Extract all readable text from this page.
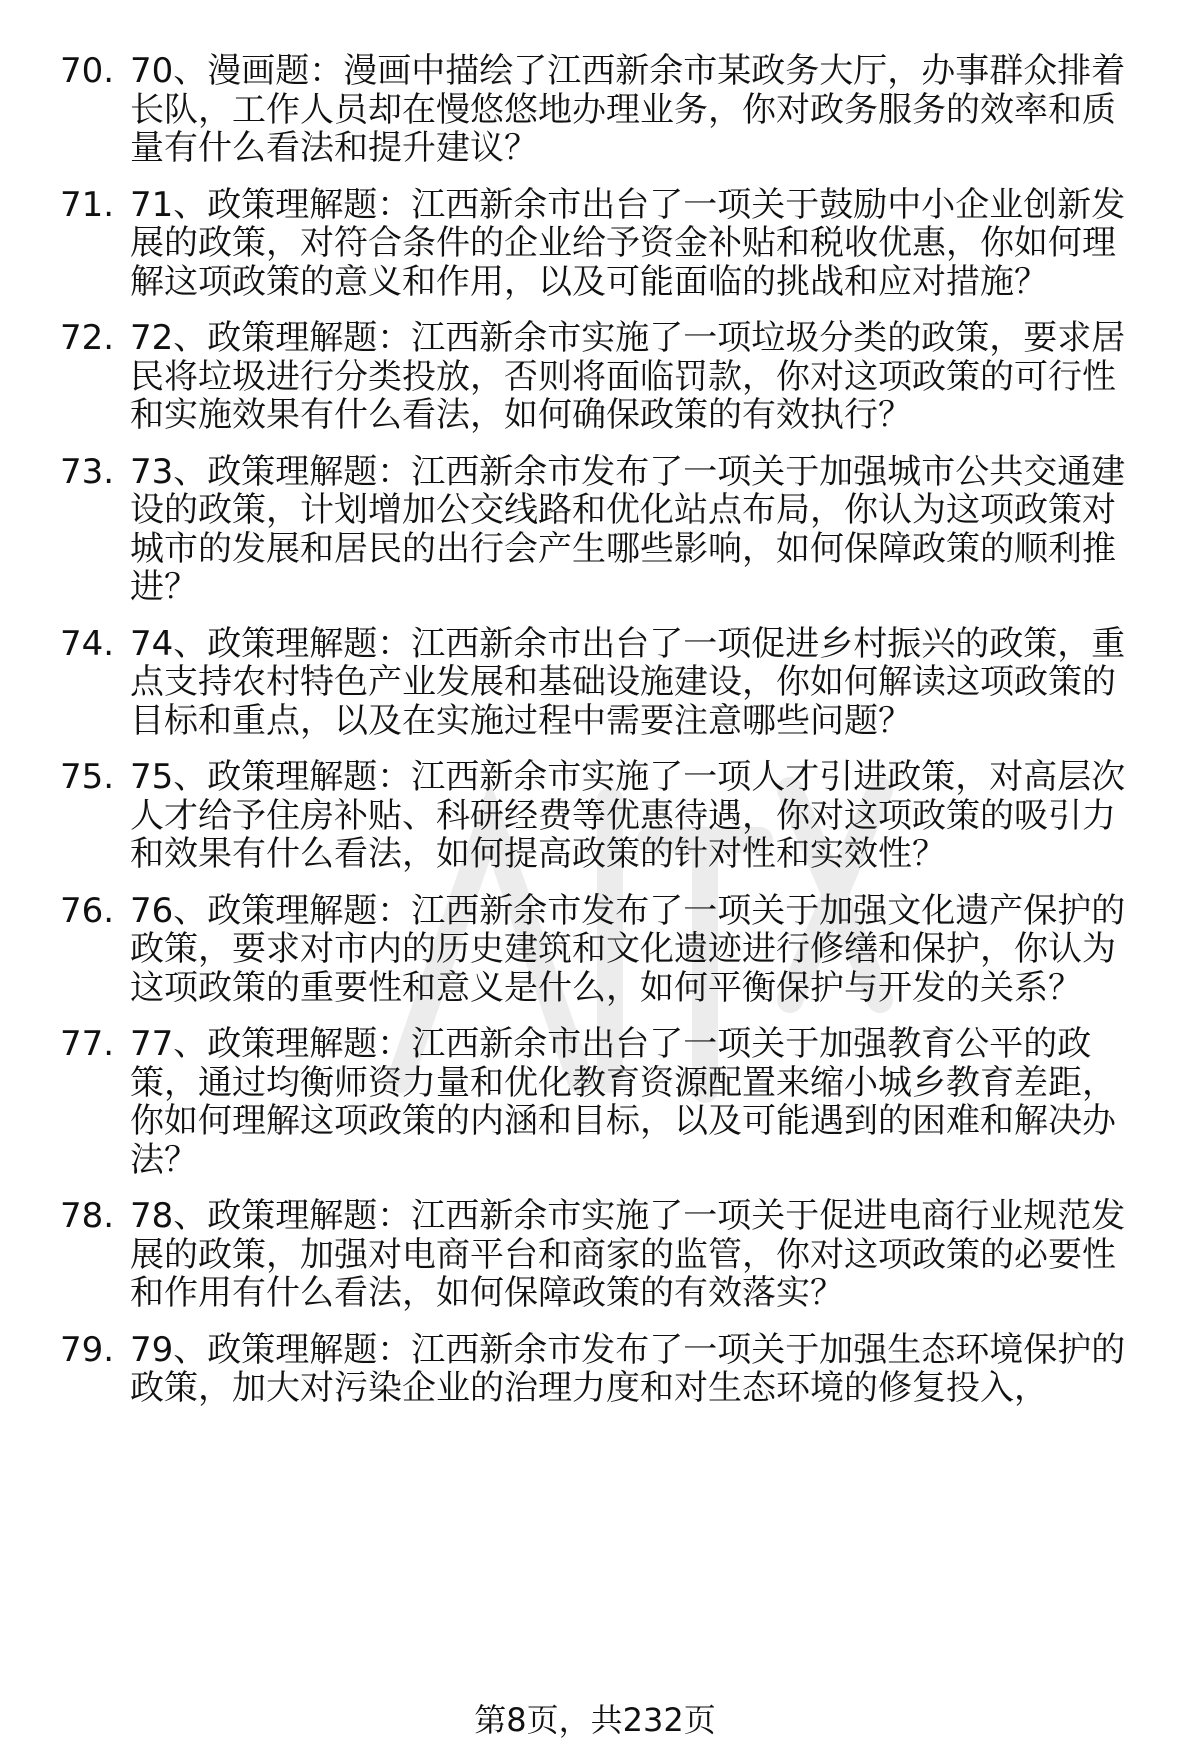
70. 70、漫画题：漫画中描绘了江西新余市某政务大厅，办事群众排着长队，工作人员却在慢悠悠地办理业务，你对政务服务的效率和质量有什么看法和提升建议？
71. 71、政策理解题：江西新余市出台了一项关于鼓励中小企业创新发展的政策，对符合条件的企业给予资金补贴和税收优惠，你如何理解这项政策的意义和作用，以及可能面临的挑战和应对措施？
72. 72、政策理解题：江西新余市实施了一项垃圾分类的政策，要求居民将垃圾进行分类投放，否则将面临罚款，你对这项政策的可行性和实施效果有什么看法，如何确保政策的有效执行？
73. 73、政策理解题：江西新余市发布了一项关于加强城市公共交通建设的政策，计划增加公交线路和优化站点布局，你认为这项政策对城市的发展和居民的出行会产生哪些影响，如何保障政策的顺利推进？
74. 74、政策理解题：江西新余市出台了一项促进乡村振兴的政策，重点支持农村特色产业发展和基础设施建设，你如何解读这项政策的目标和重点，以及在实施过程中需要注意哪些问题？
75. 75、政策理解题：江西新余市实施了一项人才引进政策，对高层次人才给予住房补贴、科研经费等优惠待遇，你对这项政策的吸引力和效果有什么看法，如何提高政策的针对性和实效性？
76. 76、政策理解题：江西新余市发布了一项关于加强文化遗产保护的政策，要求对市内的历史建筑和文化遗迹进行修缮和保护，你认为这项政策的重要性和意义是什么，如何平衡保护与开发的关系？
77. 77、政策理解题：江西新余市出台了一项关于加强教育公平的政策，通过均衡师资力量和优化教育资源配置来缩小城乡教育差距，你如何理解这项政策的内涵和目标，以及可能遇到的困难和解决办法？
78. 78、政策理解题：江西新余市实施了一项关于促进电商行业规范发展的政策，加强对电商平台和商家的监管，你对这项政策的必要性和作用有什么看法，如何保障政策的有效落实？
79. 79、政策理解题：江西新余市发布了一项关于加强生态环境保护的政策，加大对污染企业的治理力度和对生态环境的修复投入，
第8页，共232页
